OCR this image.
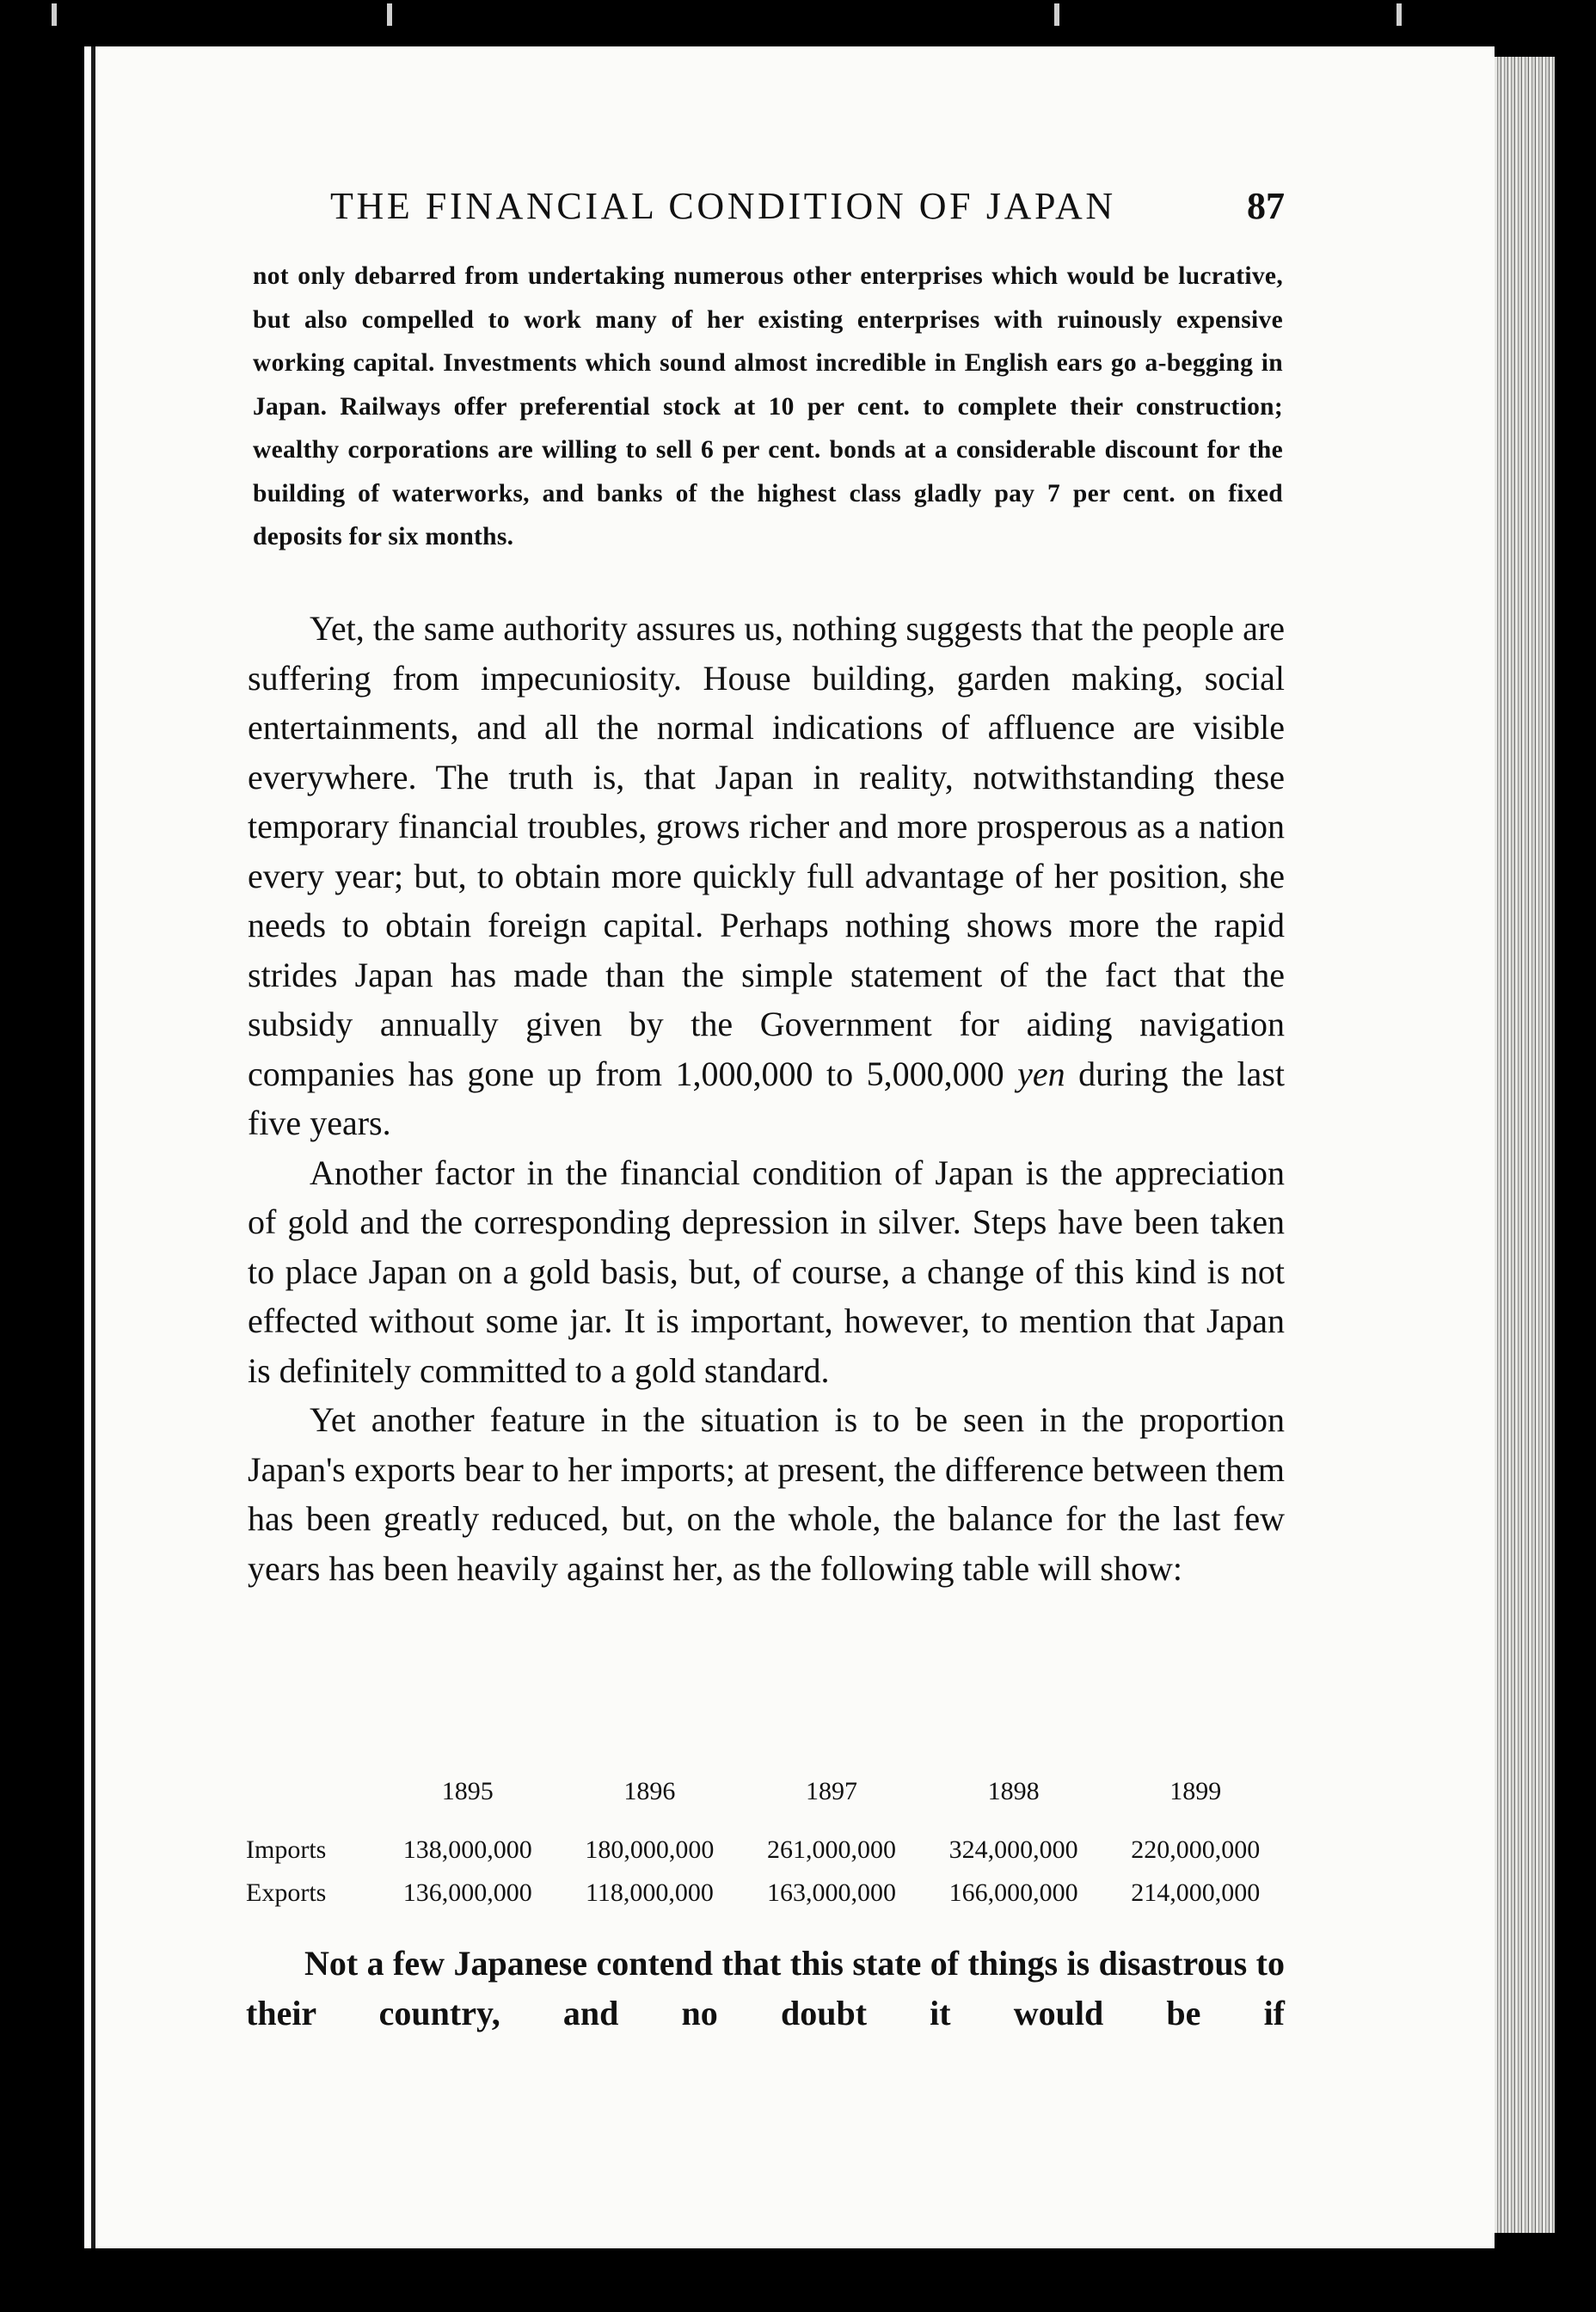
THE FINANCIAL CONDITION OF JAPAN	87
not only debarred from undertaking numerous other enterprises which would be lucrative, but also compelled to work many of her existing enterprises with ruinously expensive working capital. Investments which sound almost incredible in English ears go a-begging in Japan. Railways offer preferential stock at 10 per cent. to complete their construction; wealthy corporations are willing to sell 6 per cent. bonds at a considerable discount for the building of waterworks, and banks of the highest class gladly pay 7 per cent. on fixed deposits for six months.

Yet, the same authority assures us, nothing suggests that the people are suffering from impecuniosity. House building, garden making, social entertainments, and all the normal indications of affluence are visible everywhere. The truth is, that Japan in reality, notwithstanding these temporary financial troubles, grows richer and more prosperous as a nation every year; but, to obtain more quickly full advantage of her position, she needs to obtain foreign capital. Perhaps nothing shows more the rapid strides Japan has made than the simple statement of the fact that the subsidy annually given by the Government for aiding navigation companies has gone up from 1,000,000 to 5,000,000 yen during the last five years.

Another factor in the financial condition of Japan is the appreciation of gold and the corresponding depression in silver. Steps have been taken to place Japan on a gold basis, but, of course, a change of this kind is not effected without some jar. It is important, however, to mention that Japan is definitely committed to a gold standard.

Yet another feature in the situation is to be seen in the proportion Japan's exports bear to her imports; at present, the difference between them has been greatly reduced, but, on the whole, the balance for the last few years has been heavily against her, as the following table will show:

	1895	1896	1897	1898	1899
Imports	138,000,000	180,000,000	261,000,000	324,000,000	220,000,000
Exports	136,000,000	118,000,000	163,000,000	166,000,000	214,000,000

Not a few Japanese contend that this state of things is disastrous to their country, and no doubt it would be if
